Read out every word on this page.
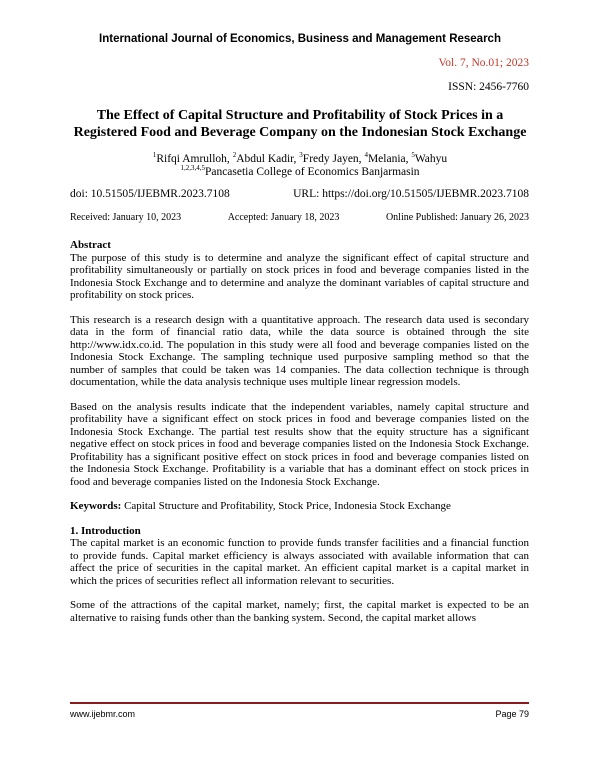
International Journal of Economics, Business and Management Research
Vol. 7, No.01; 2023
ISSN: 2456-7760
The Effect of Capital Structure and Profitability of Stock Prices in a
Registered Food and Beverage Company on the Indonesian Stock Exchange
$^1$Rifqi Amrulloh, $^2$Abdul Kadir, $^3$Fredy Jayen, $^4$Melania, $^5$Wahyu
$^{1,2,3,4,5}$Pancasetia College of Economics Banjarmasin
doi: 10.51505/IJEBMR.2023.7108	URL: https://doi.org/10.51505/IJEBMR.2023.7108
Received: January 10, 2023	Accepted: January 18, 2023	Online Published: January 26, 2023

Abstract

The purpose of this study is to determine and analyze the significant effect of capital structure and profitability simultaneously or partially on stock prices in food and beverage companies listed in the Indonesia Stock Exchange and to determine and analyze the dominant variables of capital structure and profitability on stock prices.

This research is a research design with a quantitative approach. The research data used is secondary data in the form of financial ratio data, while the data source is obtained through the site http://www.idx.co.id. The population in this study were all food and beverage companies listed on the Indonesia Stock Exchange. The sampling technique used purposive sampling method so that the number of samples that could be taken was 14 companies. The data collection technique is through documentation, while the data analysis technique uses multiple linear regression models.

Based on the analysis results indicate that the independent variables, namely capital structure and profitability have a significant effect on stock prices in food and beverage companies listed on the Indonesia Stock Exchange. The partial test results show that the equity structure has a significant negative effect on stock prices in food and beverage companies listed on the Indonesia Stock Exchange. Profitability has a significant positive effect on stock prices in food and beverage companies listed on the Indonesia Stock Exchange. Profitability is a variable that has a dominant effect on stock prices in food and beverage companies listed on the Indonesia Stock Exchange.

Keywords: Capital Structure and Profitability, Stock Price, Indonesia Stock Exchange

1. Introduction

The capital market is an economic function to provide funds transfer facilities and a financial function to provide funds. Capital market efficiency is always associated with available information that can affect the price of securities in the capital market. An efficient capital market is a capital market in which the prices of securities reflect all information relevant to securities.

Some of the attractions of the capital market, namely; first, the capital market is expected to be an alternative to raising funds other than the banking system. Second, the capital market allows

www.ijebmr.com	Page 79
